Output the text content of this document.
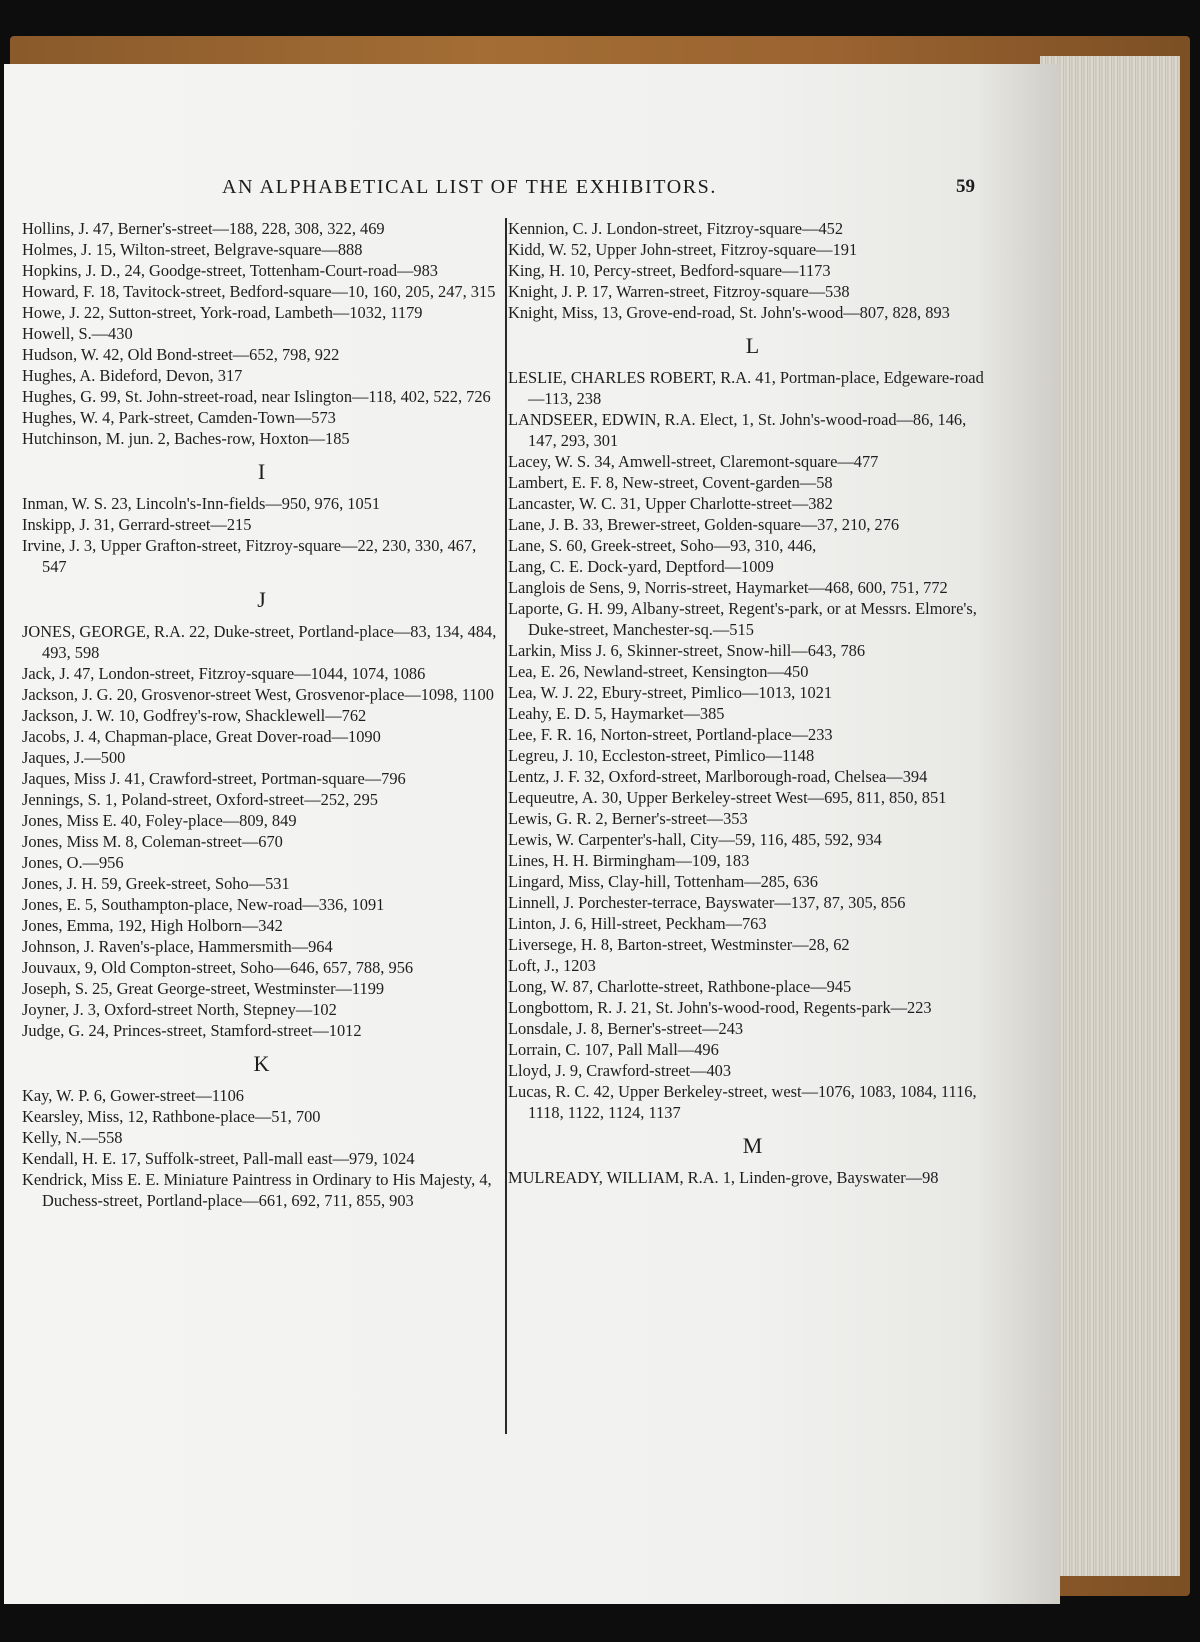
AN ALPHABETICAL LIST OF THE EXHIBITORS.	59
Hollins, J. 47, Berner's-street—188, 228, 308, 322, 469
Holmes, J. 15, Wilton-street, Belgrave-square—888
Hopkins, J. D., 24, Goodge-street, Tottenham-Court-road—983
Howard, F. 18, Tavitock-street, Bedford-square—10, 160, 205, 247, 315
Howe, J. 22, Sutton-street, York-road, Lambeth—1032, 1179
Howell, S.—430
Hudson, W. 42, Old Bond-street—652, 798, 922
Hughes, A. Bideford, Devon, 317
Hughes, G. 99, St. John-street-road, near Islington—118, 402, 522, 726
Hughes, W. 4, Park-street, Camden-Town—573
Hutchinson, M. jun. 2, Baches-row, Hoxton—185
I
Inman, W. S. 23, Lincoln's-Inn-fields—950, 976, 1051
Inskipp, J. 31, Gerrard-street—215
Irvine, J. 3, Upper Grafton-street, Fitzroy-square—22, 230, 330, 467, 547
J
JONES, GEORGE, R.A. 22, Duke-street, Portland-place—83, 134, 484, 493, 598
Jack, J. 47, London-street, Fitzroy-square—1044, 1074, 1086
Jackson, J. G. 20, Grosvenor-street West, Grosvenor-place—1098, 1100
Jackson, J. W. 10, Godfrey's-row, Shacklewell—762
Jacobs, J. 4, Chapman-place, Great Dover-road—1090
Jaques, J.—500
Jaques, Miss J. 41, Crawford-street, Portman-square—796
Jennings, S. 1, Poland-street, Oxford-street—252, 295
Jones, Miss E. 40, Foley-place—809, 849
Jones, Miss M. 8, Coleman-street—670
Jones, O.—956
Jones, J. H. 59, Greek-street, Soho—531
Jones, E. 5, Southampton-place, New-road—336, 1091
Jones, Emma, 192, High Holborn—342
Johnson, J. Raven's-place, Hammersmith—964
Jouvaux, 9, Old Compton-street, Soho—646, 657, 788, 956
Joseph, S. 25, Great George-street, Westminster—1199
Joyner, J. 3, Oxford-street North, Stepney—102
Judge, G. 24, Princes-street, Stamford-street—1012
K
Kay, W. P. 6, Gower-street—1106
Kearsley, Miss, 12, Rathbone-place—51, 700
Kelly, N.—558
Kendall, H. E. 17, Suffolk-street, Pall-mall east—979, 1024
Kendrick, Miss E. E. Miniature Paintress in Ordinary to His Majesty, 4, Duchess-street, Portland-place—661, 692, 711, 855, 903
Kennion, C. J. London-street, Fitzroy-square—452
Kidd, W. 52, Upper John-street, Fitzroy-square—191
King, H. 10, Percy-street, Bedford-square—1173
Knight, J. P. 17, Warren-street, Fitzroy-square—538
Knight, Miss, 13, Grove-end-road, St. John's-wood—807, 828, 893
L
LESLIE, CHARLES ROBERT, R.A. 41, Portman-place, Edgeware-road—113, 238
LANDSEER, EDWIN, R.A. Elect, 1, St. John's-wood-road—86, 146, 147, 293, 301
Lacey, W. S. 34, Amwell-street, Claremont-square—477
Lambert, E. F. 8, New-street, Covent-garden—58
Lancaster, W. C. 31, Upper Charlotte-street—382
Lane, J. B. 33, Brewer-street, Golden-square—37, 210, 276
Lane, S. 60, Greek-street, Soho—93, 310, 446,
Lang, C. E. Dock-yard, Deptford—1009
Langlois de Sens, 9, Norris-street, Haymarket—468, 600, 751, 772
Laporte, G. H. 99, Albany-street, Regent's-park, or at Messrs. Elmore's, Duke-street, Manchester-sq.—515
Larkin, Miss J. 6, Skinner-street, Snow-hill—643, 786
Lea, E. 26, Newland-street, Kensington—450
Lea, W. J. 22, Ebury-street, Pimlico—1013, 1021
Leahy, E. D. 5, Haymarket—385
Lee, F. R. 16, Norton-street, Portland-place—233
Legreu, J. 10, Eccleston-street, Pimlico—1148
Lentz, J. F. 32, Oxford-street, Marlborough-road, Chelsea—394
Lequeutre, A. 30, Upper Berkeley-street West—695, 811, 850, 851
Lewis, G. R. 2, Berner's-street—353
Lewis, W. Carpenter's-hall, City—59, 116, 485, 592, 934
Lines, H. H. Birmingham—109, 183
Lingard, Miss, Clay-hill, Tottenham—285, 636
Linnell, J. Porchester-terrace, Bayswater—137, 87, 305, 856
Linton, J. 6, Hill-street, Peckham—763
Liversege, H. 8, Barton-street, Westminster—28, 62
Loft, J., 1203
Long, W. 87, Charlotte-street, Rathbone-place—945
Longbottom, R. J. 21, St. John's-wood-rood, Regents-park—223
Lonsdale, J. 8, Berner's-street—243
Lorrain, C. 107, Pall Mall—496
Lloyd, J. 9, Crawford-street—403
Lucas, R. C. 42, Upper Berkeley-street, west—1076, 1083, 1084, 1116, 1118, 1122, 1124, 1137
M
MULREADY, WILLIAM, R.A. 1, Linden-grove, Bayswater—98
